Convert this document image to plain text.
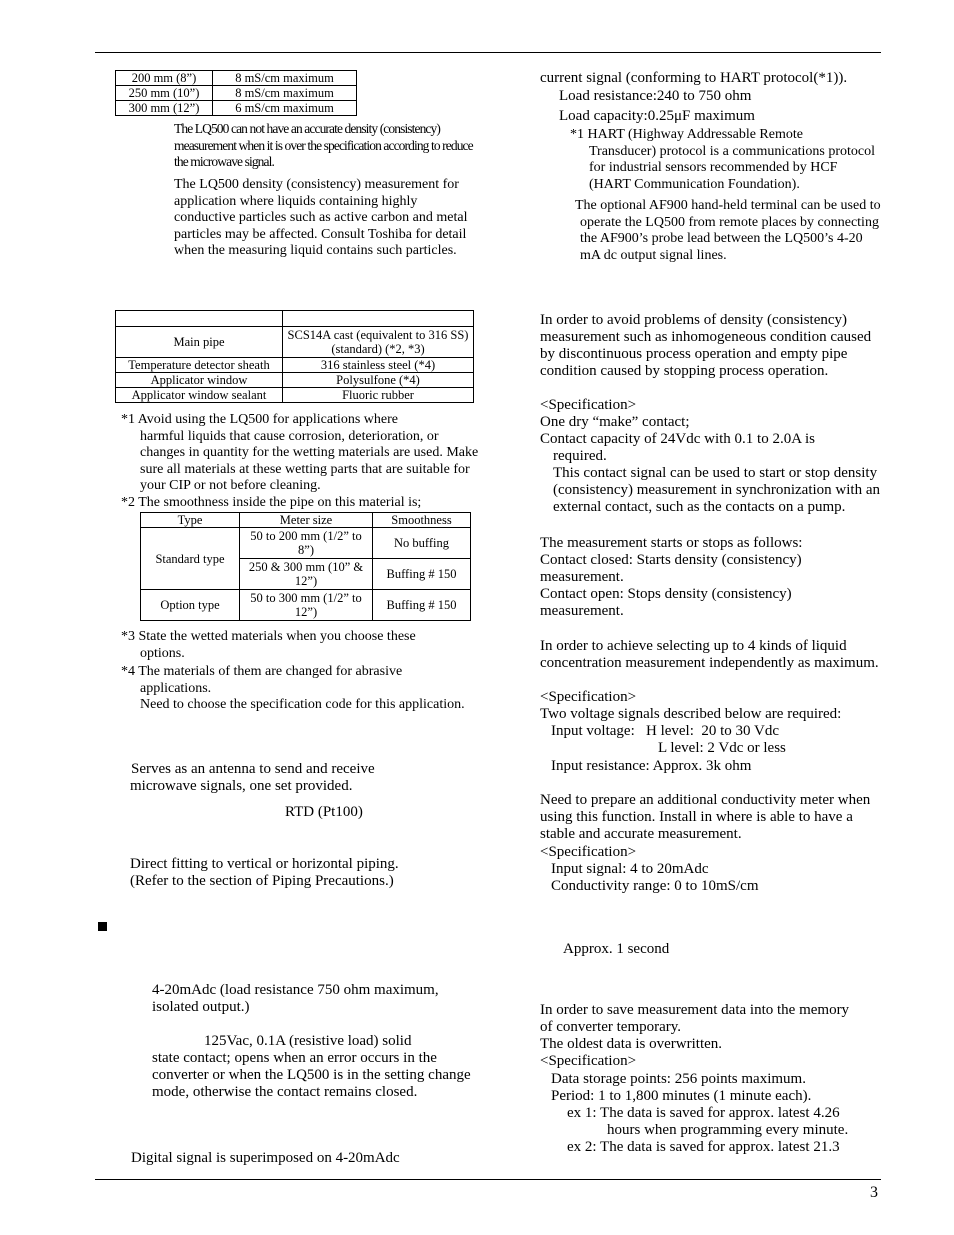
200 mm (8”)	8 mS/cm maximum
250 mm (10”)	8 mS/cm maximum
300 mm (12”)	6 mS/cm maximum

The LQ500 can not have an accurate density (consistency) measurement when it is over the specification according to reduce the microwave signal.

The LQ500 density (consistency) measurement for application where liquids containing highly conductive particles such as active carbon and metal particles may be affected. Consult Toshiba for detail when the measuring liquid contains such particles.

Main pipe	SCS14A cast (equivalent to 316 SS) (standard) (*2, *3)
Temperature detector sheath	316 stainless steel (*4)
Applicator window	Polysulfone (*4)
Applicator window sealant	Fluoric rubber
*1 Avoid using the LQ500 for applications where
harmful liquids that cause corrosion, deterioration, or changes in quantity for the wetting materials are used. Make sure all materials at these wetting parts that are suitable for your CIP or not before cleaning.

*2 The smoothness inside the pipe on this material is;

Type	Meter size	Smoothness
Standard type	50 to 200 mm (1/2” to 8”)	No buffing
	250 & 300 mm (10” & 12”)	Buffing # 150
Option type	50 to 300 mm (1/2” to 12”)	Buffing # 150
*3 State the wetted materials when you choose these
options.
*4 The materials of them are changed for abrasive
applications.
Need to choose the specification code for this application.

Serves as an antenna to send and receive microwave signals, one set provided.

RTD (Pt100)

Direct fitting to vertical or horizontal piping. (Refer to the section of Piping Precautions.)

4-20mAdc (load resistance 750 ohm maximum, isolated output.)

125Vac, 0.1A (resistive load) solid
state contact; opens when an error occurs in the converter or when the LQ500 is in the setting change mode, otherwise the contact remains closed.

Digital signal is superimposed on 4-20mAdc

current signal (conforming to HART protocol(*1)).

Load resistance:240 to 750 ohm

Load capacity:0.25μF maximum

*1 HART (Highway Addressable Remote
Transducer) protocol is a communications protocol for industrial sensors recommended by HCF (HART Communication Foundation).

The optional AF900 hand-held terminal can be used to operate the LQ500 from remote places by connecting the AF900’s probe lead between the LQ500’s 4-20 mA dc output signal lines.

In order to avoid problems of density (consistency) measurement such as inhomogeneous condition caused by discontinuous process operation and empty pipe condition caused by stopping process operation.

<Specification>

One dry “make” contact;

Contact capacity of 24Vdc with 0.1 to 2.0A is
required.
This contact signal can be used to start or stop density (consistency) measurement in synchronization with an external contact, such as the contacts on a pump.

The measurement starts or stops as follows:

Contact closed: Starts density (consistency) measurement.

Contact open: Stops density (consistency) measurement.

In order to achieve selecting up to 4 kinds of liquid concentration measurement independently as maximum.

<Specification>

Two voltage signals described below are required:

Input voltage:   H level:  20 to 30 Vdc

L level: 2 Vdc or less

Input resistance: Approx. 3k ohm

Need to prepare an additional conductivity meter when using this function. Install in where is able to have a stable and accurate measurement.

<Specification>

Input signal: 4 to 20mAdc

Conductivity range: 0 to 10mS/cm

Approx. 1 second

In order to save measurement data into the memory of converter temporary.

The oldest data is overwritten.

<Specification>

Data storage points: 256 points maximum.

Period: 1 to 1,800 minutes (1 minute each).

ex 1: The data is saved for approx. latest 4.26
hours when programming every minute.

ex 2: The data is saved for approx. latest 21.3

3
